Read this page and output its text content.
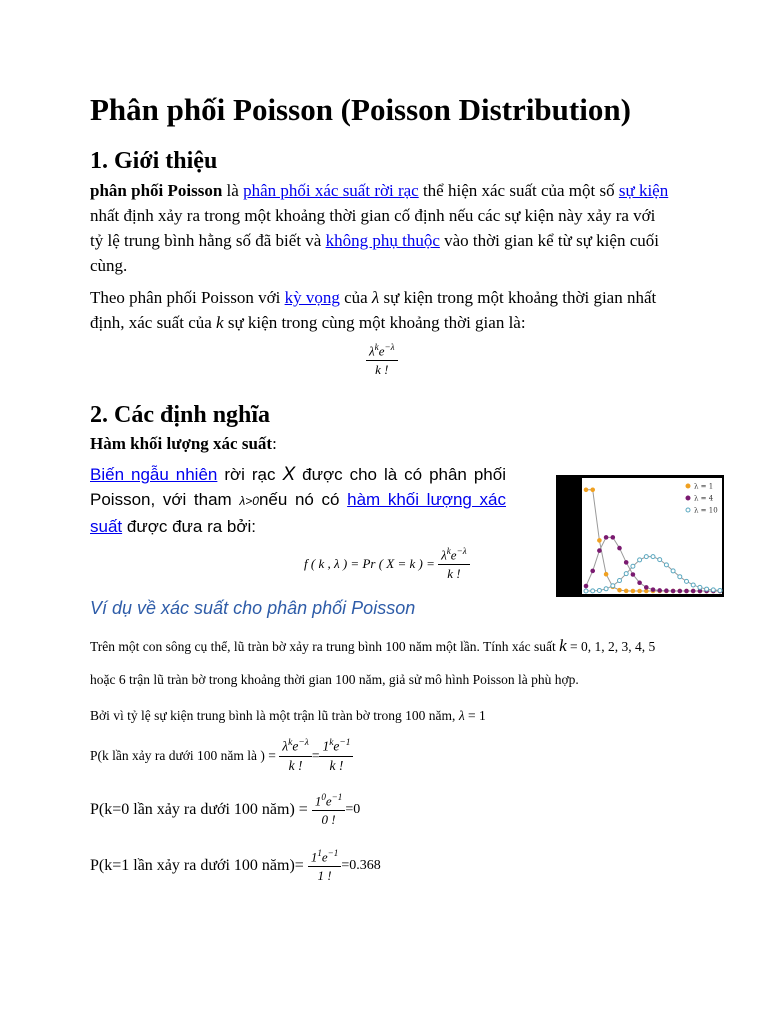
Phân phối Poisson (Poisson Distribution)
1. Giới thiệu
phân phối Poisson là phân phối xác suất rời rạc thể hiện xác suất của một số sự kiện nhất định xảy ra trong một khoảng thời gian cố định nếu các sự kiện này xảy ra với tỷ lệ trung bình hằng số đã biết và không phụ thuộc vào thời gian kể từ sự kiện cuối cùng.
Theo phân phối Poisson với kỳ vọng của λ sự kiện trong một khoảng thời gian nhất định, xác suất của k sự kiện trong cùng một khoảng thời gian là:
$\frac{\lambda^ke^{-\lambda}}{k !}$
2. Các định nghĩa
Hàm khối lượng xác suất:
Biến ngẫu nhiên rời rạc X được cho là có phân phối Poisson, với tham λ>0nếu nó có hàm khối lượng xác suất được đưa ra bởi:
f ( k , λ ) = Pr ( X = k ) = $\frac{\lambda^ke^{-\lambda}}{k !}$
λ = 1
λ = 4
λ = 10
Ví dụ về xác suất cho phân phối Poisson
Trên một con sông cụ thể, lũ tràn bờ xảy ra trung bình 100 năm một lần. Tính xác suất k = 0, 1, 2, 3, 4, 5
hoặc 6 trận lũ tràn bờ trong khoảng thời gian 100 năm, giả sử mô hình Poisson là phù hợp.
Bởi vì tỷ lệ sự kiện trung bình là một trận lũ tràn bờ trong 100 năm, λ = 1
P(k lần xảy ra dưới 100 năm là ) = $\frac{\lambda^ke^{-\lambda}}{k !} = \frac{1^ke^{-1}}{k !}$
P(k=0 lần xảy ra dưới 100 năm) = $\frac{1^0e^{-1}}{0 !} =0$
P(k=1 lần xảy ra dưới 100 năm)= $\frac{1^1e^{-1}}{1 !} =0.368$
